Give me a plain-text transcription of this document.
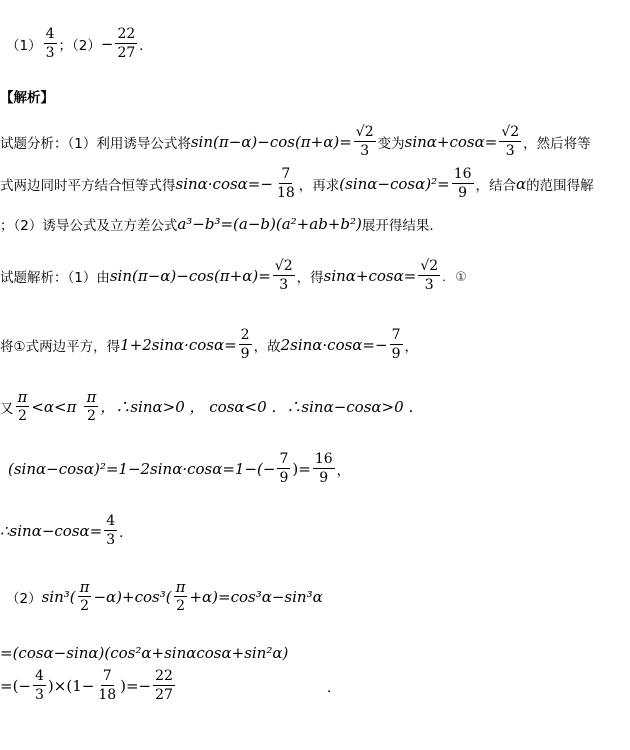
$(1) \frac{4}{3}$ ；$(2) - \frac{22}{27}$ ．
【解析】
试题分析：（1）利用诱导公式将 $\sin(\pi-\alpha)-\cos(\pi+\alpha)= \frac{√2}{3}$ 变为 $\sin\alpha+\cos\alpha= \frac{√2}{3}$ ，然后将等
式两边同时平方结合恒等式得 $\sin\alpha\cdot\cos\alpha=- \frac{7}{18}$ ，再求 $(\sin\alpha-\cos\alpha)^2= \frac{16}{9}$ ，结合 α 的范围得解
；（2）诱导公式及立方差公式 a³−b³=(a−b)(a²+ab+b²) 展开得结果．
试题解析：（1）由 $\sin(\pi-\alpha)-\cos(\pi+\alpha)= \frac{√2}{3}$ ，得 $\sin\alpha+\cos\alpha= \frac{√2}{3}$ ．①
将①式两边平方，得 $1+2\sin\alpha\cdot\cos\alpha= \frac{2}{9}$ ，故 $2\sin\alpha\cdot\cos\alpha=- \frac{7}{9}$ ，
又 $\frac{\pi}{2} <\alpha<\pi \frac{\pi}{2}$ ，∴sinα>0 ， cosα<0 ．∴sinα−cosα>0 ．
$(\sin\alpha-\cos\alpha)^2=1-2\sin\alpha\cdot\cos\alpha=1-(- \frac{7}{9}$ )= $\frac{16}{9}$ ，
∴sinα−cosα= $\frac{4}{3}$ ．
（2） $\sin^3( \frac{\pi}{2} -\alpha)+\cos^3( \frac{\pi}{2} +\alpha)=\cos^3\alpha-\sin^3\alpha$
=(cosα−sinα)(cos²α+sinαcosα+sin²α)
=(− $\frac{4}{3} )\times(1- \frac{7}{18}$ )=− $\frac{22}{27}$	．
